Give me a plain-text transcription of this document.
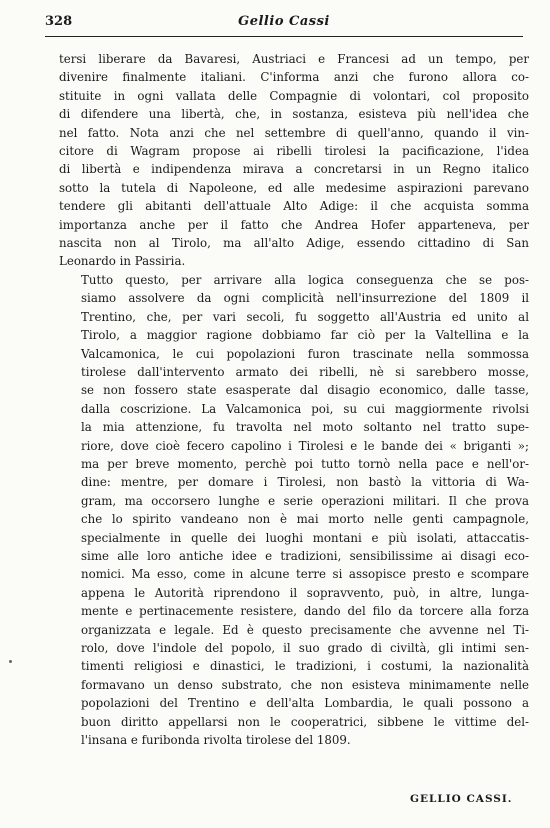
328	Gellio Cassi

tersi liberare da Bavaresi, Austriaci e Francesi ad un tempo, per
divenire finalmente italiani. C'informa anzi che furono allora co-
stituite in ogni vallata delle Compagnie di volontari, col proposito
di difendere una libertà, che, in sostanza, esisteva più nell'idea che
nel fatto. Nota anzi che nel settembre di quell'anno, quando il vin-
citore di Wagram propose ai ribelli tirolesi la pacificazione, l'idea
di libertà e indipendenza mirava a concretarsi in un Regno italico
sotto la tutela di Napoleone, ed alle medesime aspirazioni parevano
tendere gli abitanti dell'attuale Alto Adige: il che acquista somma
importanza anche per il fatto che Andrea Hofer apparteneva, per
nascita non al Tirolo, ma all'alto Adige, essendo cittadino di San
Leonardo in Passiria.

Tutto questo, per arrivare alla logica conseguenza che se pos-
siamo assolvere da ogni complicità nell'insurrezione del 1809 il
Trentino, che, per vari secoli, fu soggetto all'Austria ed unito al
Tirolo, a maggior ragione dobbiamo far ciò per la Valtellina e la
Valcamonica, le cui popolazioni furon trascinate nella sommossa
tirolese dall'intervento armato dei ribelli, nè si sarebbero mosse,
se non fossero state esasperate dal disagio economico, dalle tasse,
dalla coscrizione. La Valcamonica poi, su cui maggiormente rivolsi
la mia attenzione, fu travolta nel moto soltanto nel tratto supe-
riore, dove cioè fecero capolino i Tirolesi e le bande dei « briganti »;
ma per breve momento, perchè poi tutto tornò nella pace e nell'or-
dine: mentre, per domare i Tirolesi, non bastò la vittoria di Wa-
gram, ma occorsero lunghe e serie operazioni militari. Il che prova
che lo spirito vandeano non è mai morto nelle genti campagnole,
specialmente in quelle dei luoghi montani e più isolati, attaccatis-
sime alle loro antiche idee e tradizioni, sensibilissime ai disagi eco-
nomici. Ma esso, come in alcune terre si assopisce presto e scompare
appena le Autorità riprendono il sopravvento, può, in altre, lunga-
mente e pertinacemente resistere, dando del filo da torcere alla forza
organizzata e legale. Ed è questo precisamente che avvenne nel Ti-
rolo, dove l'indole del popolo, il suo grado di civiltà, gli intimi sen-
timenti religiosi e dinastici, le tradizioni, i costumi, la nazionalità
formavano un denso substrato, che non esisteva minimamente nelle
popolazioni del Trentino e dell'alta Lombardia, le quali possono a
buon diritto appellarsi non le cooperatrici, sibbene le vittime del-
l'insana e furibonda rivolta tirolese del 1809.

GELLIO CASSI.
